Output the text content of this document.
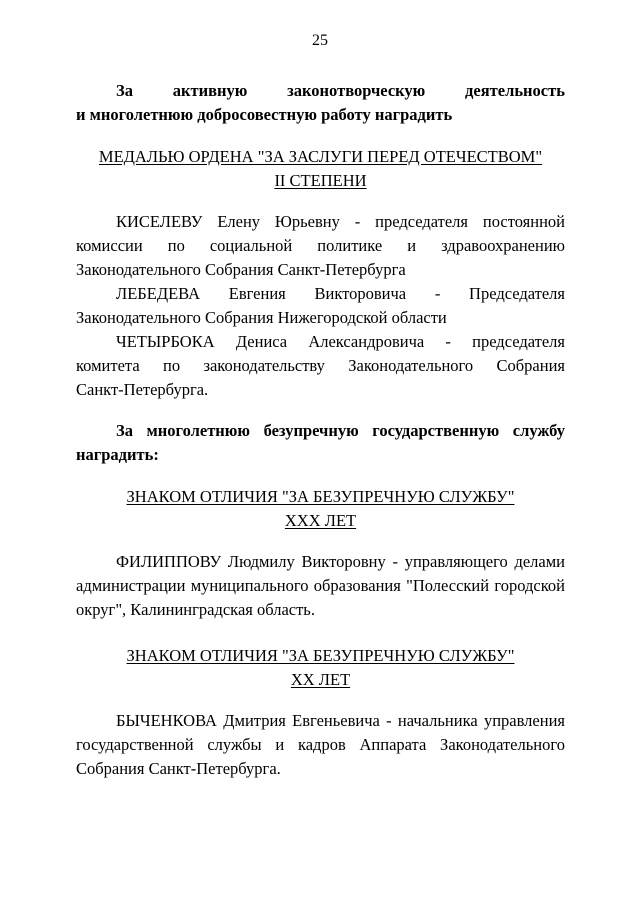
25
За активную законотворческую деятельность
и многолетнюю добросовестную работу наградить
МЕДАЛЬЮ ОРДЕНА "ЗА ЗАСЛУГИ ПЕРЕД ОТЕЧЕСТВОМ"
II СТЕПЕНИ
КИСЕЛЕВУ Елену Юрьевну - председателя постоянной
комиссии по социальной политике и здравоохранению
Законодательного Собрания Санкт-Петербурга
ЛЕБЕДЕВА Евгения Викторовича - Председателя
Законодательного Собрания Нижегородской области
ЧЕТЫРБОКА Дениса Александровича - председателя
комитета по законодательству Законодательного Собрания
Санкт-Петербурга.
За многолетнюю безупречную государственную службу
наградить:
ЗНАКОМ ОТЛИЧИЯ "ЗА БЕЗУПРЕЧНУЮ СЛУЖБУ"
XXX ЛЕТ
ФИЛИППОВУ Людмилу Викторовну - управляющего делами
администрации муниципального образования "Полесский городской
округ", Калининградская область.
ЗНАКОМ ОТЛИЧИЯ "ЗА БЕЗУПРЕЧНУЮ СЛУЖБУ"
XX ЛЕТ
БЫЧЕНКОВА Дмитрия Евгеньевича - начальника управления
государственной службы и кадров Аппарата Законодательного
Собрания Санкт-Петербурга.
